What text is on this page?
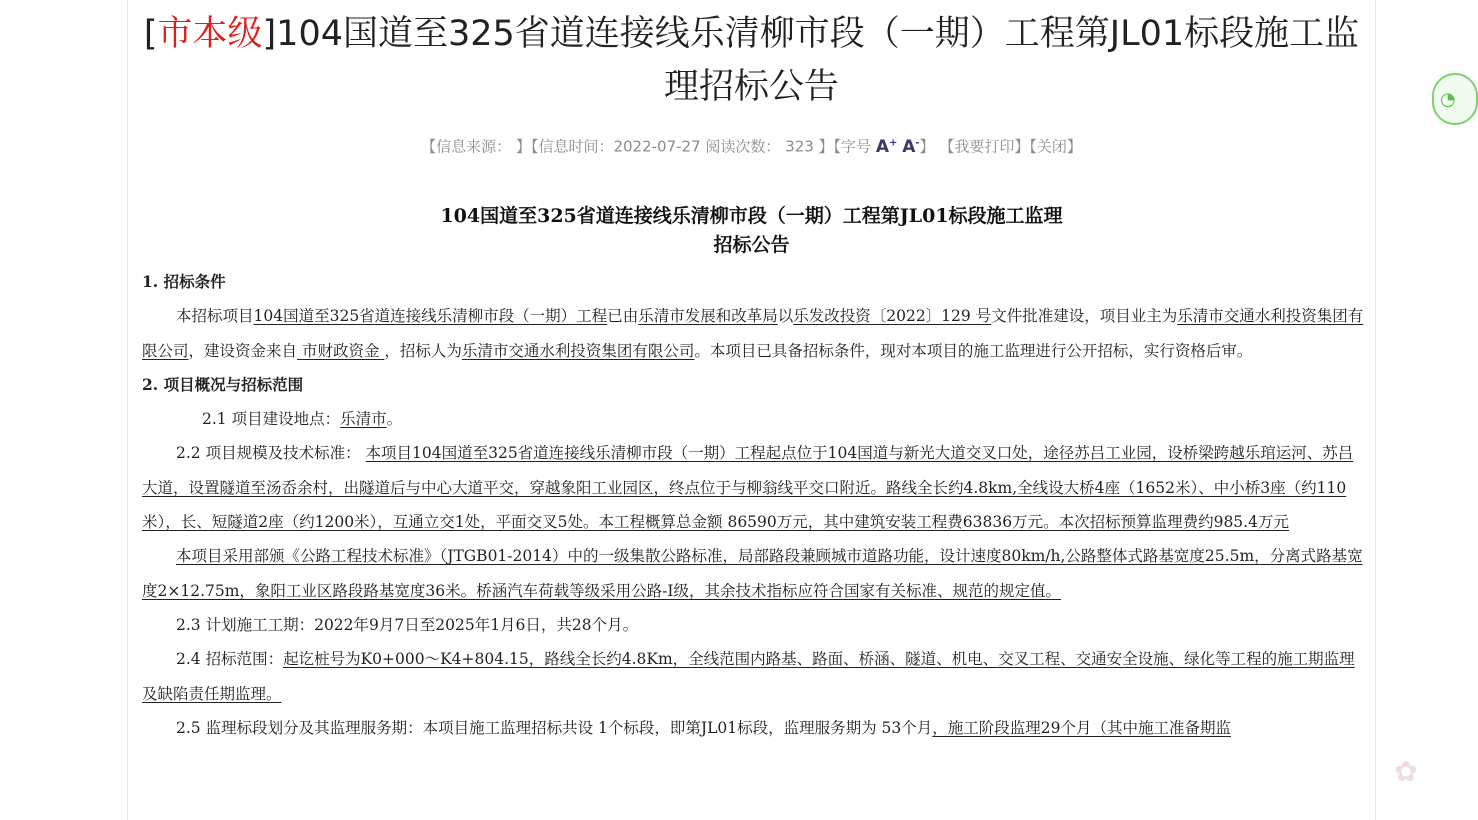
[市本级]104国道至325省道连接线乐清柳市段（一期）工程第JL01标段施工监
理招标公告
【信息来源： 】【信息时间：2022-07-27 阅读次数： 323 】【字号 A+ A-】 【我要打印】【关闭】
104国道至325省道连接线乐清柳市段（一期）工程第JL01标段施工监理
招标公告

1. 招标条件

本招标项目104国道至325省道连接线乐清柳市段（一期）工程已由乐清市发展和改革局以乐发改投资〔2022〕129 号文件批准建设，项目业主为乐清市交通水利投资集团有限公司，建设资金来自 市财政资金 ，招标人为乐清市交通水利投资集团有限公司。本项目已具备招标条件，现对本项目的施工监理进行公开招标，实行资格后审。

2. 项目概况与招标范围

2.1 项目建设地点：乐清市。

2.2 项目规模及技术标准： 本项目104国道至325省道连接线乐清柳市段（一期）工程起点位于104国道与新光大道交叉口处，途径苏吕工业园，设桥梁跨越乐琯运河、苏吕大道，设置隧道至汤岙余村，出隧道后与中心大道平交，穿越象阳工业园区，终点位于与柳翁线平交口附近。路线全长约4.8km,全线设大桥4座（1652米）、中小桥3座（约110米），长、短隧道2座（约1200米），互通立交1处，平面交叉5处。本工程概算总金额 86590万元，其中建筑安装工程费63836万元。本次招标预算监理费约985.4万元

本项目采用部颁《公路工程技术标准》（JTGB01-2014）中的一级集散公路标准，局部路段兼顾城市道路功能，设计速度80km/h,公路整体式路基宽度25.5m，分离式路基宽度2×12.75m，象阳工业区路段路基宽度36米。桥涵汽车荷载等级采用公路-I级，其余技术指标应符合国家有关标准、规范的规定值。

2.3 计划施工工期：2022年9月7日至2025年1月6日，共28个月。

2.4 招标范围：起讫桩号为K0+000～K4+804.15，路线全长约4.8Km，全线范围内路基、路面、桥涵、隧道、机电、交叉工程、交通安全设施、绿化等工程的施工期监理及缺陷责任期监理。

2.5 监理标段划分及其监理服务期：本项目施工监理招标共设 1个标段，即第JL01标段，监理服务期为 53个月，施工阶段监理29个月（其中施工准备期监

◔
✿
